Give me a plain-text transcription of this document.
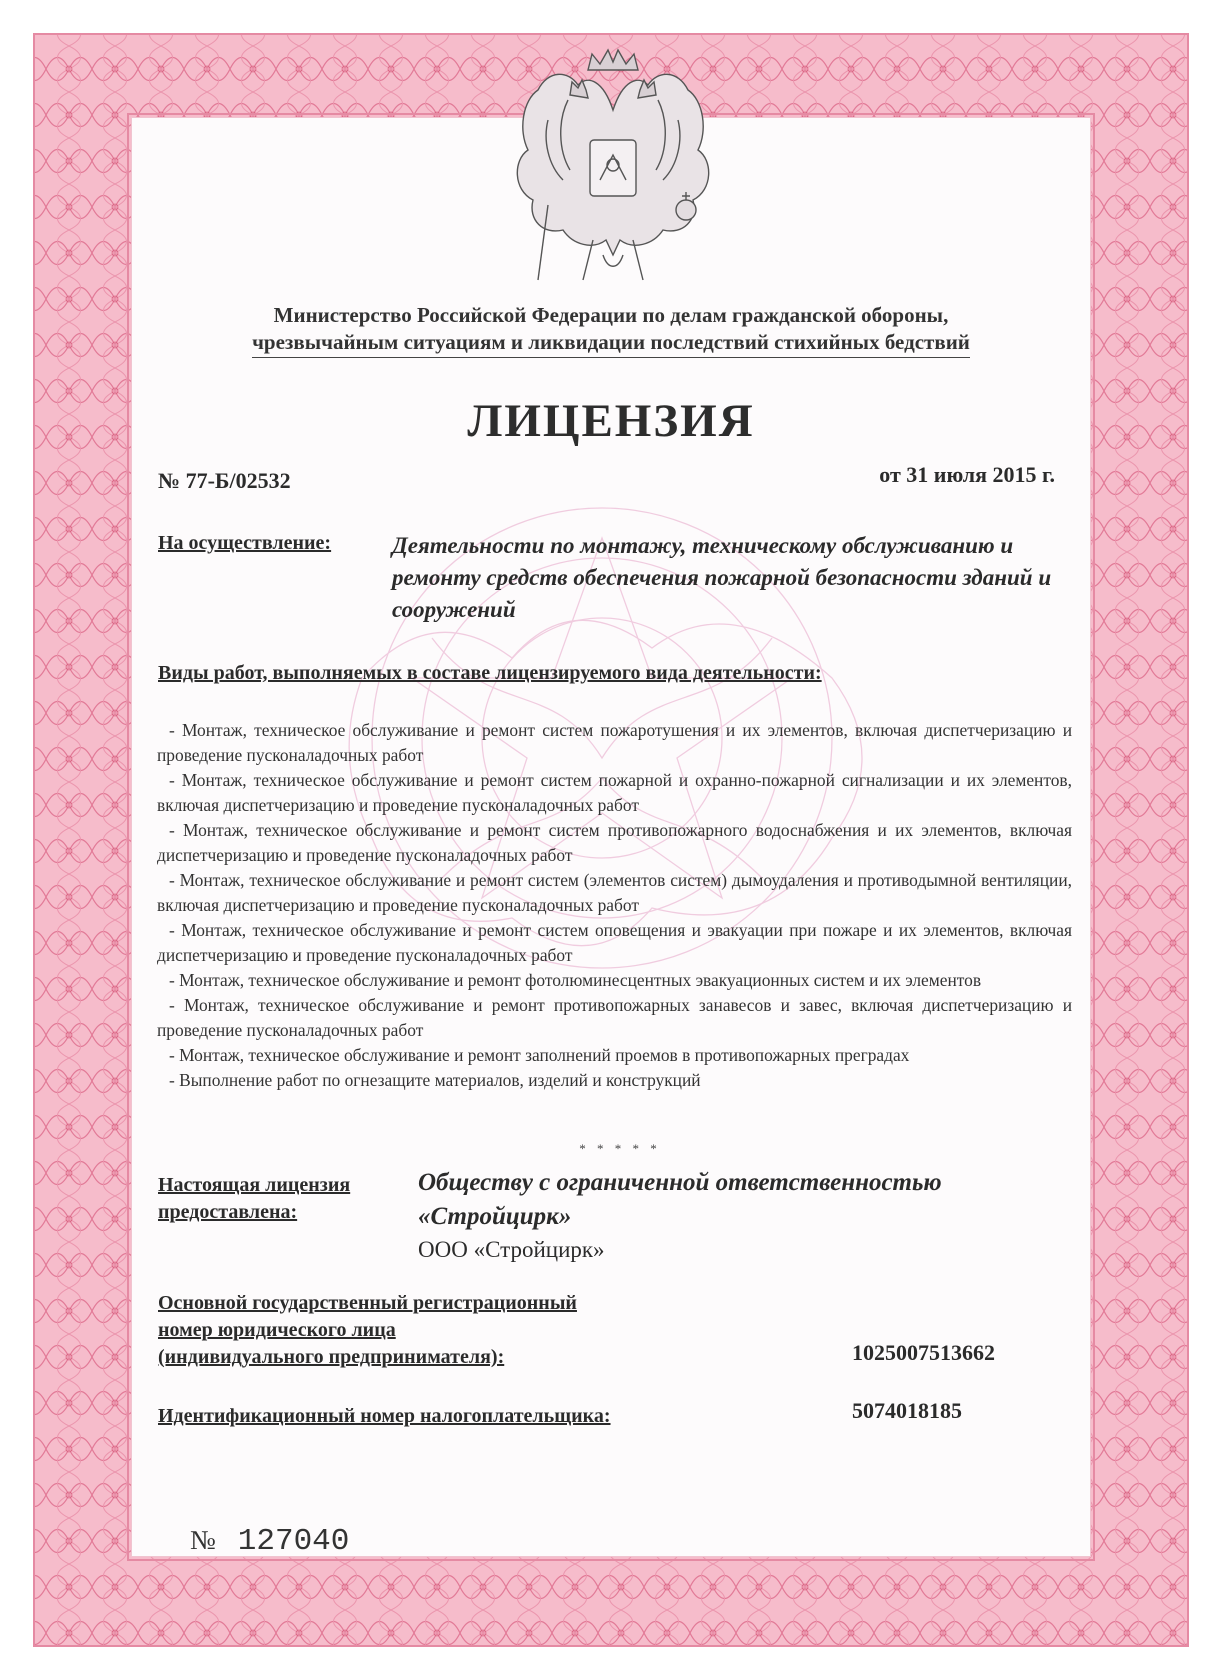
Министерство Российской Федерации по делам гражданской обороны,
чрезвычайным ситуациям и ликвидации последствий стихийных бедствий
ЛИЦЕНЗИЯ
№ 77-Б/02532	от 31 июля 2015 г.
На осуществление:	Деятельности по монтажу, техническому обслуживанию и ремонту средств обеспечения пожарной безопасности зданий и сооружений
Виды работ, выполняемых в составе лицензируемого вида деятельности:
- Монтаж, техническое обслуживание и ремонт систем пожаротушения и их элементов, включая диспетчеризацию и проведение пусконаладочных работ
- Монтаж, техническое обслуживание и ремонт систем пожарной и охранно-пожарной сигнализации и их элементов, включая диспетчеризацию и проведение пусконаладочных работ
- Монтаж, техническое обслуживание и ремонт систем противопожарного водоснабжения и их элементов, включая диспетчеризацию и проведение пусконаладочных работ
- Монтаж, техническое обслуживание и ремонт систем (элементов систем) дымоудаления и противодымной вентиляции, включая диспетчеризацию и проведение пусконаладочных работ
- Монтаж, техническое обслуживание и ремонт систем оповещения и эвакуации при пожаре и их элементов, включая диспетчеризацию и проведение пусконаладочных работ
- Монтаж, техническое обслуживание и ремонт фотолюминесцентных эвакуационных систем и их элементов
- Монтаж, техническое обслуживание и ремонт противопожарных занавесов и завес, включая диспетчеризацию и проведение пусконаладочных работ
- Монтаж, техническое обслуживание и ремонт заполнений проемов в противопожарных преградах
- Выполнение работ по огнезащите материалов, изделий и конструкций
* * * * *
Настоящая лицензия
предоставлена:
Обществу с ограниченной ответственностью «Стройцирк»
ООО «Стройцирк»
Основной государственный регистрационный
номер юридического лица
(индивидуального предпринимателя):	1025007513662
Идентификационный номер налогоплательщика:	5074018185
№ 127040
